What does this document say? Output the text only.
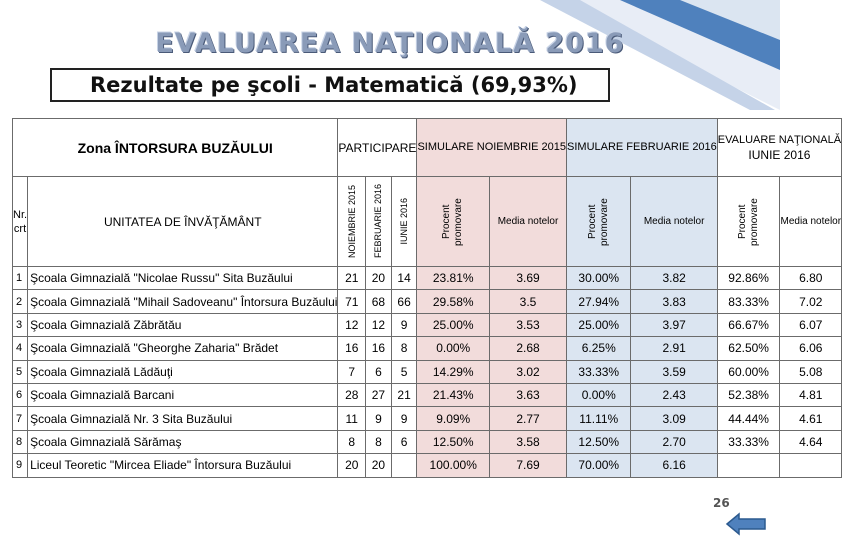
EVALUAREA NAŢIONALĂ 2016
Rezultate pe şcoli - Matematică (69,93%)
Zona ÎNTORSURA BUZĂULUI		PARTICIPARE			SIMULARE NOIEMBRIE 2015		SIMULARE FEBRUARIE 2016		EVALUARE NAŢIONALĂ
IUNIE 2016	

Nr. crt	UNITATEA DE ÎNVĂŢĂMÂNT	NOIEMBRIE 2015	FEBRUARIE 2016	IUNIE 2016	Procent promovare	Media notelor	Procent promovare	Media notelor	Procent promovare	Media notelor
1	Şcoala Gimnazială "Nicolae Russu" Sita Buzăului	21	20	14	23.81%	3.69	30.00%	3.82	92.86%	6.80
2	Şcoala Gimnazială "Mihail Sadoveanu" Întorsura Buzăului	71	68	66	29.58%	3.5	27.94%	3.83	83.33%	7.02
3	Şcoala Gimnazială Zăbrătău	12	12	9	25.00%	3.53	25.00%	3.97	66.67%	6.07
4	Şcoala Gimnazială "Gheorghe Zaharia" Brădet	16	16	8	0.00%	2.68	6.25%	2.91	62.50%	6.06
5	Şcoala Gimnazială Lădăuţi	7	6	5	14.29%	3.02	33.33%	3.59	60.00%	5.08
6	Şcoala Gimnazială Barcani	28	27	21	21.43%	3.63	0.00%	2.43	52.38%	4.81
7	Şcoala Gimnazială Nr. 3 Sita Buzăului	11	9	9	9.09%	2.77	11.11%	3.09	44.44%	4.61
8	Şcoala Gimnazială Sărămaş	8	8	6	12.50%	3.58	12.50%	2.70	33.33%	4.64
9	Liceul Teoretic "Mircea Eliade" Întorsura Buzăului	20	20		100.00%	7.69	70.00%	6.16		
26
